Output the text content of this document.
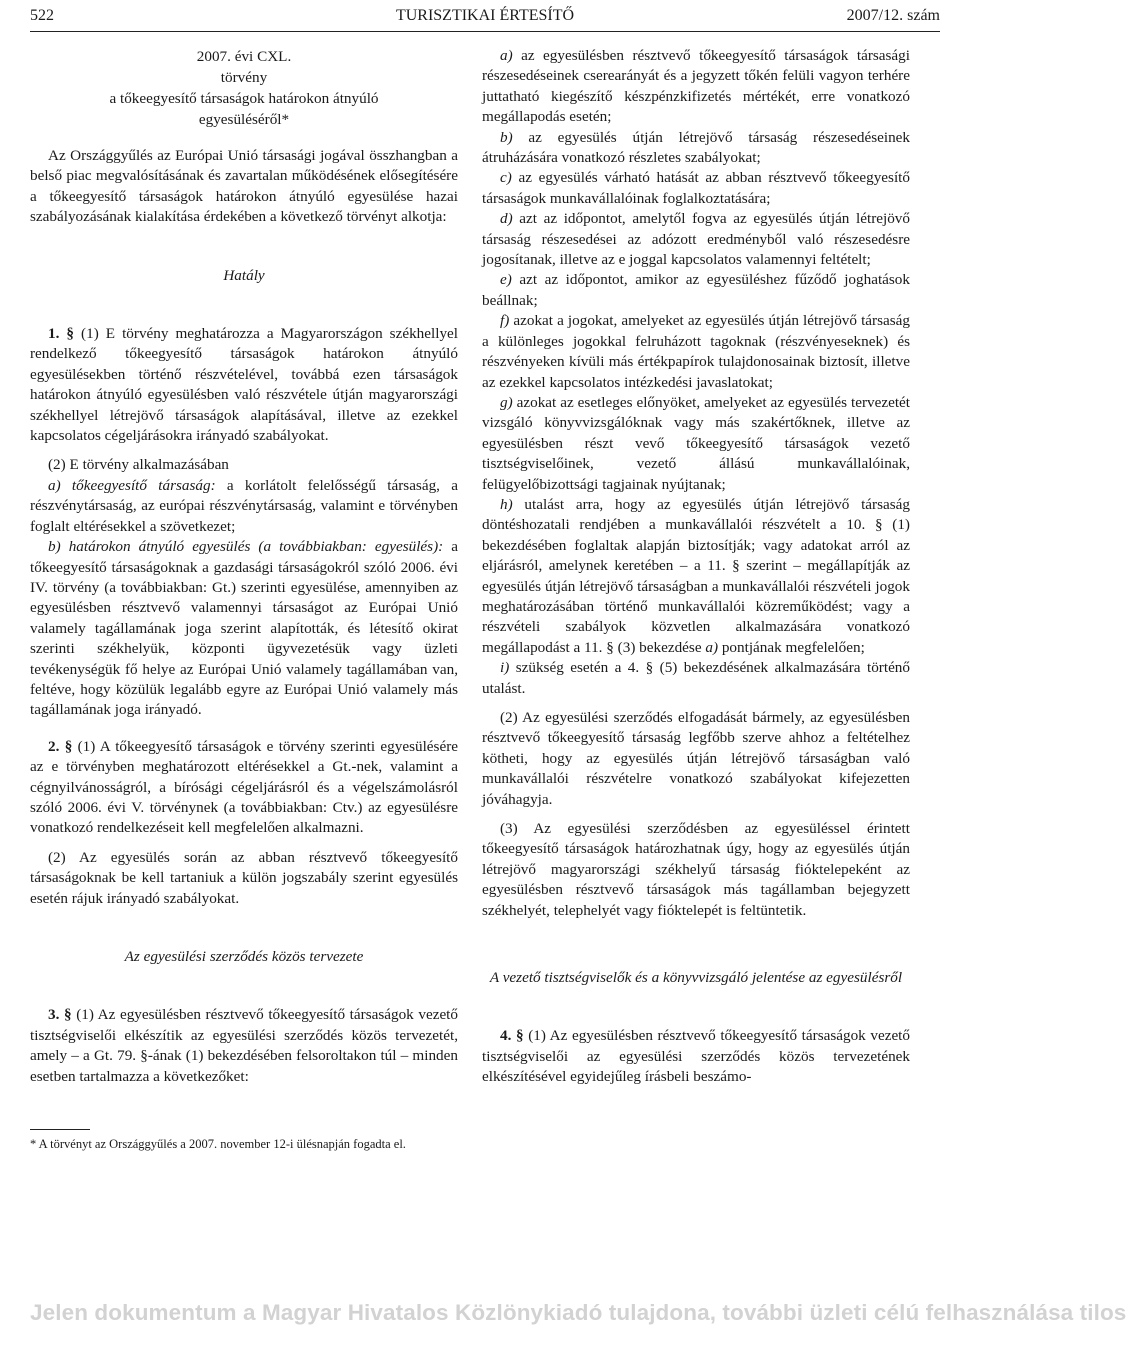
522	TURISZTIKAI ÉRTESÍTŐ	2007/12. szám

2007. évi CXL.

törvény

a tőkeegyesítő társaságok határokon átnyúló

egyesüléséről*

Az Országgyűlés az Európai Unió társasági jogával összhangban a belső piac megvalósításának és zavartalan működésének elősegítésére a tőkeegyesítő társaságok határokon átnyúló egyesülése hazai szabályozásának kialakítása érdekében a következő törvényt alkotja:

Hatály

1. § (1) E törvény meghatározza a Magyarországon székhellyel rendelkező tőkeegyesítő társaságok határokon átnyúló egyesülésekben történő részvételével, továbbá ezen társaságok határokon átnyúló egyesülésben való részvétele útján magyarországi székhellyel létrejövő társaságok alapításával, illetve az ezekkel kapcsolatos cégeljárásokra irányadó szabályokat.

(2) E törvény alkalmazásában

a) tőkeegyesítő társaság: a korlátolt felelősségű társaság, a részvénytársaság, az európai részvénytársaság, valamint e törvényben foglalt eltérésekkel a szövetkezet;

b) határokon átnyúló egyesülés (a továbbiakban: egyesülés): a tőkeegyesítő társaságoknak a gazdasági társaságokról szóló 2006. évi IV. törvény (a továbbiakban: Gt.) szerinti egyesülése, amennyiben az egyesülésben résztvevő valamennyi társaságot az Európai Unió valamely tagállamának joga szerint alapították, és létesítő okirat szerinti székhelyük, központi ügyvezetésük vagy üzleti tevékenységük fő helye az Európai Unió valamely tagállamában van, feltéve, hogy közülük legalább egyre az Európai Unió valamely más tagállamának joga irányadó.

2. § (1) A tőkeegyesítő társaságok e törvény szerinti egyesülésére az e törvényben meghatározott eltérésekkel a Gt.-nek, valamint a cégnyilvánosságról, a bírósági cégeljárásról és a végelszámolásról szóló 2006. évi V. törvénynek (a továbbiakban: Ctv.) az egyesülésre vonatkozó rendelkezéseit kell megfelelően alkalmazni.

(2) Az egyesülés során az abban résztvevő tőkeegyesítő társaságoknak be kell tartaniuk a külön jogszabály szerint egyesülés esetén rájuk irányadó szabályokat.

Az egyesülési szerződés közös tervezete

3. § (1) Az egyesülésben résztvevő tőkeegyesítő társaságok vezető tisztségviselői elkészítik az egyesülési szerződés közös tervezetét, amely – a Gt. 79. §-ának (1) bekezdésében felsoroltakon túl – minden esetben tartalmazza a következőket:

* A törvényt az Országgyűlés a 2007. november 12-i ülésnapján fogadta el.

a) az egyesülésben résztvevő tőkeegyesítő társaságok társasági részesedéseinek cserearányát és a jegyzett tőkén felüli vagyon terhére juttatható kiegészítő készpénzkifizetés mértékét, erre vonatkozó megállapodás esetén;

b) az egyesülés útján létrejövő társaság részesedéseinek átruházására vonatkozó részletes szabályokat;

c) az egyesülés várható hatását az abban résztvevő tőkeegyesítő társaságok munkavállalóinak foglalkoztatására;

d) azt az időpontot, amelytől fogva az egyesülés útján létrejövő társaság részesedései az adózott eredményből való részesedésre jogosítanak, illetve az e joggal kapcsolatos valamennyi feltételt;

e) azt az időpontot, amikor az egyesüléshez fűződő joghatások beállnak;

f) azokat a jogokat, amelyeket az egyesülés útján létrejövő társaság a különleges jogokkal felruházott tagoknak (részvényeseknek) és részvényeken kívüli más értékpapírok tulajdonosainak biztosít, illetve az ezekkel kapcsolatos intézkedési javaslatokat;

g) azokat az esetleges előnyöket, amelyeket az egyesülés tervezetét vizsgáló könyvvizsgálóknak vagy más szakértőknek, illetve az egyesülésben részt vevő tőkeegyesítő társaságok vezető tisztségviselőinek, vezető állású munkavállalóinak, felügyelőbizottsági tagjainak nyújtanak;

h) utalást arra, hogy az egyesülés útján létrejövő társaság döntéshozatali rendjében a munkavállalói részvételt a 10. § (1) bekezdésében foglaltak alapján biztosítják; vagy adatokat arról az eljárásról, amelynek keretében – a 11. § szerint – megállapítják az egyesülés útján létrejövő társaságban a munkavállalói részvételi jogok meghatározásában történő munkavállalói közreműködést; vagy a részvételi szabályok közvetlen alkalmazására vonatkozó megállapodást a 11. § (3) bekezdése a) pontjának megfelelően;

i) szükség esetén a 4. § (5) bekezdésének alkalmazására történő utalást.

(2) Az egyesülési szerződés elfogadását bármely, az egyesülésben résztvevő tőkeegyesítő társaság legfőbb szerve ahhoz a feltételhez kötheti, hogy az egyesülés útján létrejövő társaságban való munkavállalói részvételre vonatkozó szabályokat kifejezetten jóváhagyja.

(3) Az egyesülési szerződésben az egyesüléssel érintett tőkeegyesítő társaságok határozhatnak úgy, hogy az egyesülés útján létrejövő magyarországi székhelyű társaság fióktelepeként az egyesülésben résztvevő társaságok más tagállamban bejegyzett székhelyét, telephelyét vagy fióktelepét is feltüntetik.

A vezető tisztségviselők és a könyvvizsgáló jelentése az egyesülésről

4. § (1) Az egyesülésben résztvevő tőkeegyesítő társaságok vezető tisztségviselői az egyesülési szerződés közös tervezetének elkészítésével egyidejűleg írásbeli beszámo-

Jelen dokumentum a Magyar Hivatalos Közlönykiadó tulajdona, további üzleti célú felhasználása tilos
